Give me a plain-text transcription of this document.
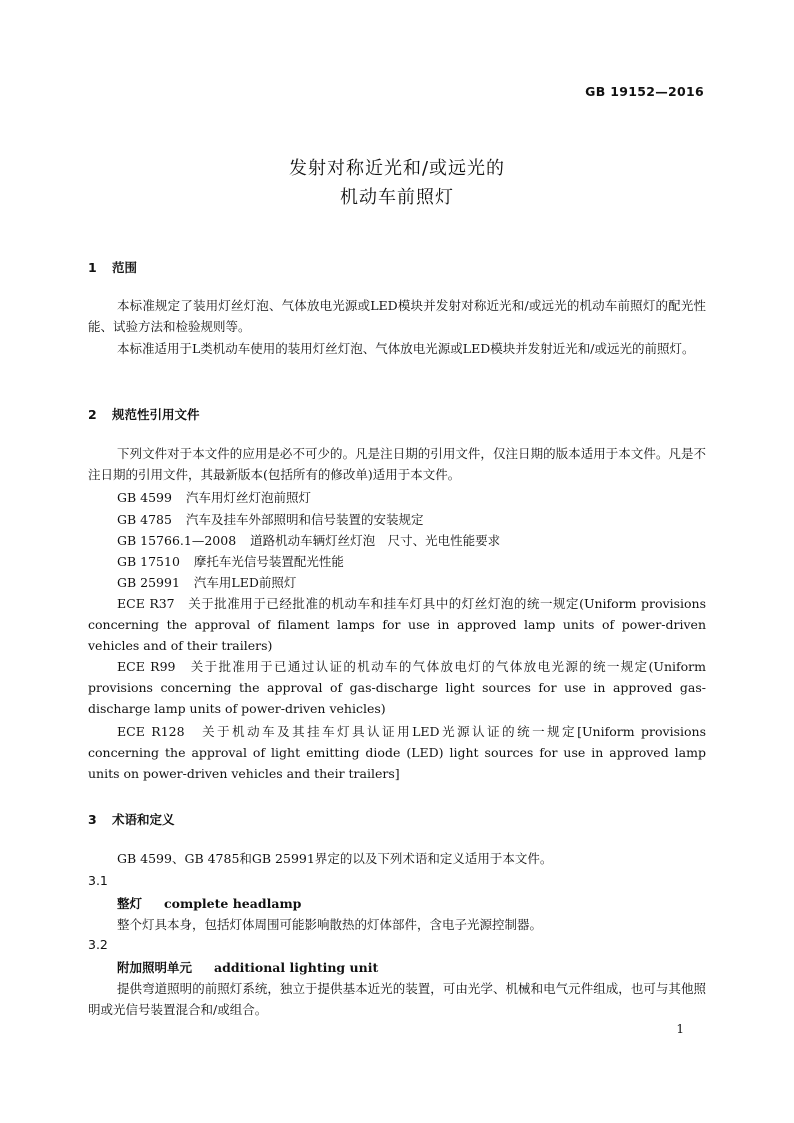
GB 19152—2016
发射对称近光和/或远光的
机动车前照灯
1 范围
本标准规定了装用灯丝灯泡、气体放电光源或LED模块并发射对称近光和/或远光的机动车前照灯的配光性能、试验方法和检验规则等。
本标准适用于L类机动车使用的装用灯丝灯泡、气体放电光源或LED模块并发射近光和/或远光的前照灯。
2 规范性引用文件
下列文件对于本文件的应用是必不可少的。凡是注日期的引用文件，仅注日期的版本适用于本文件。凡是不注日期的引用文件，其最新版本(包括所有的修改单)适用于本文件。
GB 4599 汽车用灯丝灯泡前照灯
GB 4785 汽车及挂车外部照明和信号装置的安装规定
GB 15766.1—2008 道路机动车辆灯丝灯泡　尺寸、光电性能要求
GB 17510 摩托车光信号装置配光性能
GB 25991 汽车用LED前照灯
ECE R37　关于批准用于已经批准的机动车和挂车灯具中的灯丝灯泡的统一规定(Uniform provisions concerning the approval of filament lamps for use in approved lamp units of power-driven vehicles and of their trailers)
ECE R99　关于批准用于已通过认证的机动车的气体放电灯的气体放电光源的统一规定(Uniform provisions concerning the approval of gas-discharge light sources for use in approved gas-discharge lamp units of power-driven vehicles)
ECE R128　关于机动车及其挂车灯具认证用LED光源认证的统一规定[Uniform provisions concerning the approval of light emitting diode (LED) light sources for use in approved lamp units on power-driven vehicles and their trailers]
3 术语和定义
GB 4599、GB 4785和GB 25991界定的以及下列术语和定义适用于本文件。
3.1
整灯 complete headlamp
整个灯具本身，包括灯体周围可能影响散热的灯体部件，含电子光源控制器。
3.2
附加照明单元 additional lighting unit
提供弯道照明的前照灯系统，独立于提供基本近光的装置，可由光学、机械和电气元件组成，也可与其他照明或光信号装置混合和/或组合。
1
